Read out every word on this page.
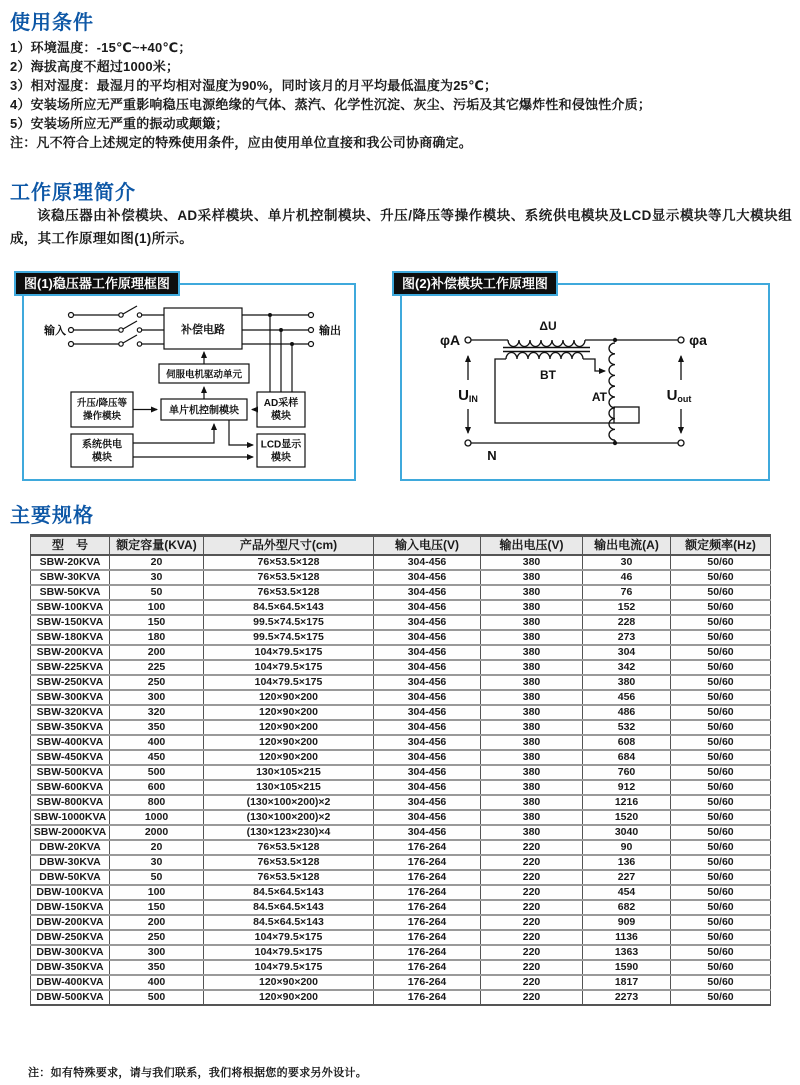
使用条件
1）环境温度：-15℃~+40℃；
2）海拔高度不超过1000米；
3）相对湿度：最湿月的平均相对湿度为90%，同时该月的月平均最低温度为25℃；
4）安装场所应无严重影响稳压电源绝缘的气体、蒸汽、化学性沉淀、灰尘、污垢及其它爆炸性和侵蚀性介质；
5）安装场所应无严重的振动或颠簸；
注：凡不符合上述规定的特殊使用条件，应由使用单位直接和我公司协商确定。
工作原理简介

该稳压器由补偿模块、AD采样模块、单片机控制模块、升压/降压等操作模块、系统供电模块及LCD显示模块等几大模块组成，其工作原理如图(1)所示。

图(1)稳压器工作原理框图
输入	输出
补偿电路
伺服电机驱动单元
单片机控制模块
升压/降压等
操作模块
AD采样
模块
系统供电
模块
LCD显示
模块
图(2)补偿模块工作原理图
φA	φa
ΔU
BT
AT
UIN	Uout
N
主要规格
型　号	额定容量(KVA)	产品外型尺寸(cm)	输入电压(V)	输出电压(V)	输出电流(A)	额定频率(Hz)
SBW-20KVA	20	76×53.5×128	304-456	380	30	50/60
SBW-30KVA	30	76×53.5×128	304-456	380	46	50/60
SBW-50KVA	50	76×53.5×128	304-456	380	76	50/60
SBW-100KVA	100	84.5×64.5×143	304-456	380	152	50/60
SBW-150KVA	150	99.5×74.5×175	304-456	380	228	50/60
SBW-180KVA	180	99.5×74.5×175	304-456	380	273	50/60
SBW-200KVA	200	104×79.5×175	304-456	380	304	50/60
SBW-225KVA	225	104×79.5×175	304-456	380	342	50/60
SBW-250KVA	250	104×79.5×175	304-456	380	380	50/60
SBW-300KVA	300	120×90×200	304-456	380	456	50/60
SBW-320KVA	320	120×90×200	304-456	380	486	50/60
SBW-350KVA	350	120×90×200	304-456	380	532	50/60
SBW-400KVA	400	120×90×200	304-456	380	608	50/60
SBW-450KVA	450	120×90×200	304-456	380	684	50/60
SBW-500KVA	500	130×105×215	304-456	380	760	50/60
SBW-600KVA	600	130×105×215	304-456	380	912	50/60
SBW-800KVA	800	(130×100×200)×2	304-456	380	1216	50/60
SBW-1000KVA	1000	(130×100×200)×2	304-456	380	1520	50/60
SBW-2000KVA	2000	(130×123×230)×4	304-456	380	3040	50/60
DBW-20KVA	20	76×53.5×128	176-264	220	90	50/60
DBW-30KVA	30	76×53.5×128	176-264	220	136	50/60
DBW-50KVA	50	76×53.5×128	176-264	220	227	50/60
DBW-100KVA	100	84.5×64.5×143	176-264	220	454	50/60
DBW-150KVA	150	84.5×64.5×143	176-264	220	682	50/60
DBW-200KVA	200	84.5×64.5×143	176-264	220	909	50/60
DBW-250KVA	250	104×79.5×175	176-264	220	1136	50/60
DBW-300KVA	300	104×79.5×175	176-264	220	1363	50/60
DBW-350KVA	350	104×79.5×175	176-264	220	1590	50/60
DBW-400KVA	400	120×90×200	176-264	220	1817	50/60
DBW-500KVA	500	120×90×200	176-264	220	2273	50/60

注：如有特殊要求，请与我们联系，我们将根据您的要求另外设计。
